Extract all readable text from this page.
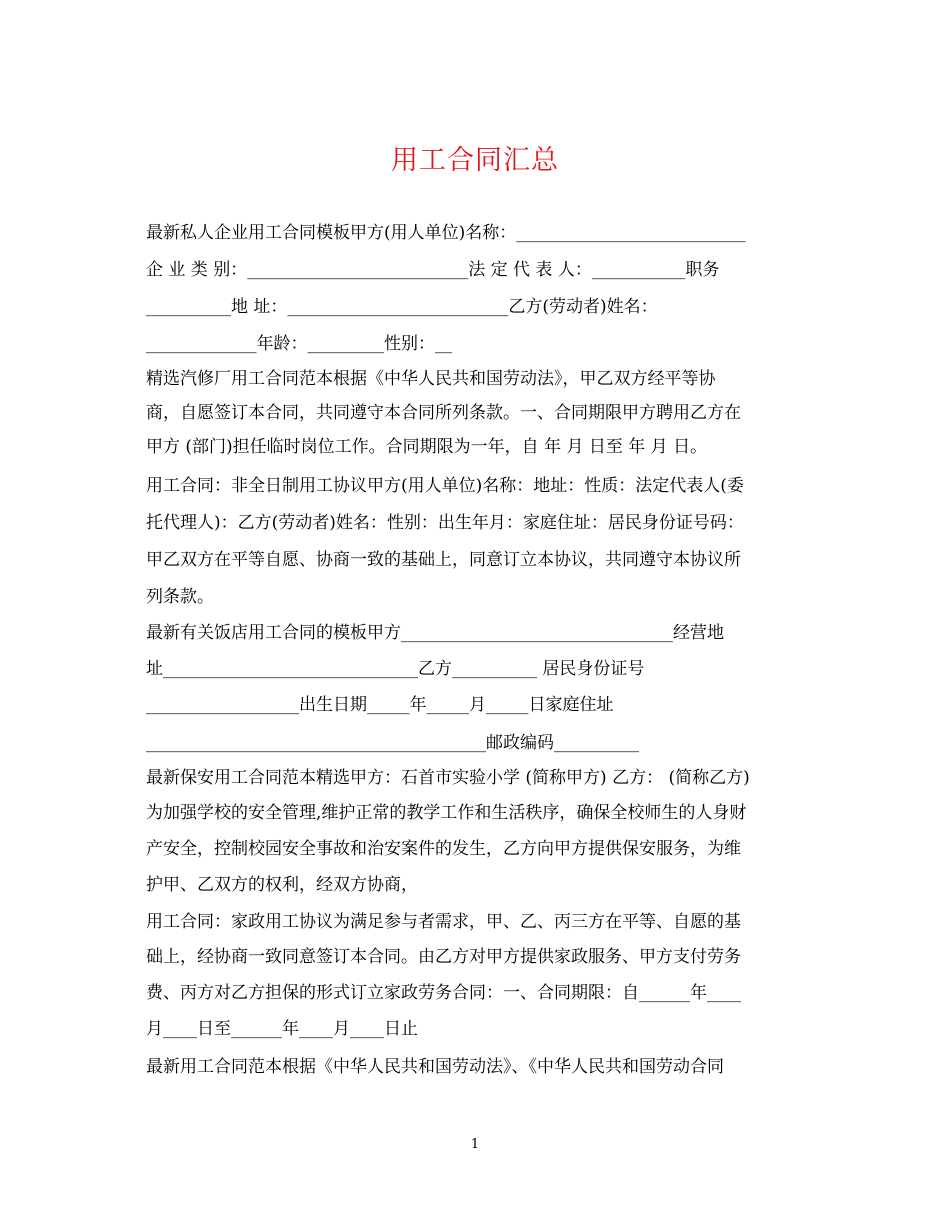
用工合同汇总
最新私人企业用工合同模板甲方(用人单位)名称：___________________________
企 业 类 别：__________________________法 定 代 表 人：___________职务
__________地 址：__________________________乙方(劳动者)姓名：
_____________年龄：_________性别：__
精选汽修厂用工合同范本根据《中华人民共和国劳动法》，甲乙双方经平等协
商，自愿签订本合同，共同遵守本合同所列条款。一、合同期限甲方聘用乙方在
甲方 (部门)担任临时岗位工作。合同期限为一年，自 年 月 日至 年 月 日。
用工合同：非全日制用工协议甲方(用人单位)名称：地址：性质：法定代表人(委
托代理人)：乙方(劳动者)姓名：性别：出生年月：家庭住址：居民身份证号码：
甲乙双方在平等自愿、协商一致的基础上，同意订立本协议，共同遵守本协议所
列条款。
最新有关饭店用工合同的模板甲方________________________________经营地
址______________________________乙方__________ 居民身份证号
__________________出生日期_____年_____月_____日家庭住址
________________________________________邮政编码__________
最新保安用工合同范本精选甲方：石首市实验小学 (简称甲方) 乙方： (简称乙方)
为加强学校的安全管理,维护正常的教学工作和生活秩序，确保全校师生的人身财
产安全，控制校园安全事故和治安案件的发生，乙方向甲方提供保安服务，为维
护甲、乙双方的权利，经双方协商，
用工合同：家政用工协议为满足参与者需求，甲、乙、丙三方在平等、自愿的基
础上，经协商一致同意签订本合同。由乙方对甲方提供家政服务、甲方支付劳务
费、丙方对乙方担保的形式订立家政劳务合同：一、合同期限：自______年____
月____日至______年____月____日止
最新用工合同范本根据《中华人民共和国劳动法》、《中华人民共和国劳动合同
1
